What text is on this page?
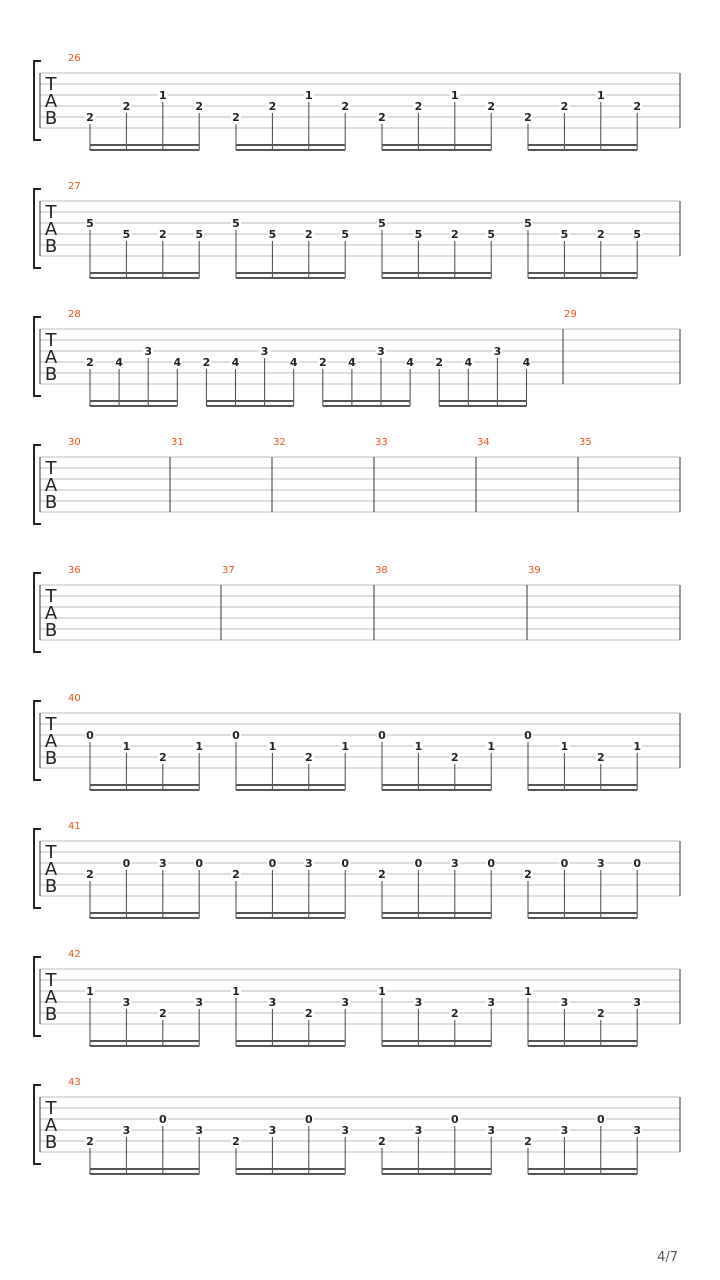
T
A
B
26
2
2
1
2
2
2
1
2
2
2
1
2
2
2
1
2
T
A
B
27
5
5	2	5
5
5	2	5
5
5	2	5
5
5	2	5
T
A
B
28
2 4
3
4 2 4
3
4 2 4
3
4 2 4
3
4
29
T
A
B
30	31	32	33	34	35
T
A
B
36	37	38	39
T
A
B
40
0
1
2
1
0
1
2
1
0
1
2
1
0
1
2
1
T
A
B
41
2
0	3	0
2
0	3	0
2
0	3	0
2
0	3	0
T
A
B
42
1
3
2
3
1
3
2
3
1
3
2
3
1
3
2
3
T
A
B
43
2
3
0
3
2
3
0
3
2
3
0
3
2
3
0
3
4/7
